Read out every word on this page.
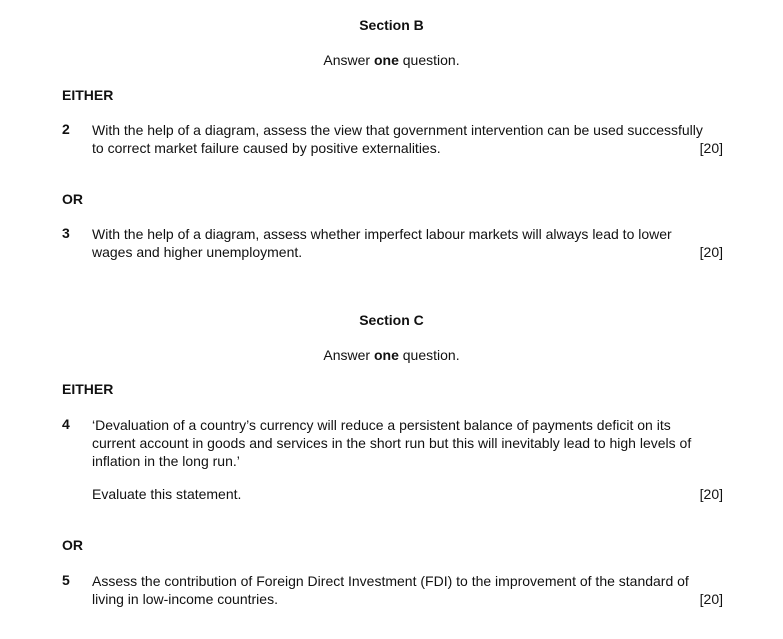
Section B
Answer one question.
EITHER
2 With the help of a diagram, assess the view that government intervention can be used successfully
to correct market failure caused by positive externalities.	[20]
OR
3 With the help of a diagram, assess whether imperfect labour markets will always lead to lower
wages and higher unemployment.	[20]
Section C
Answer one question.
EITHER
4 ‘Devaluation of a country’s currency will reduce a persistent balance of payments deficit on its
current account in goods and services in the short run but this will inevitably lead to high levels of
inflation in the long run.’
Evaluate this statement.	[20]
OR
5 Assess the contribution of Foreign Direct Investment (FDI) to the improvement of the standard of
living in low-income countries.	[20]
